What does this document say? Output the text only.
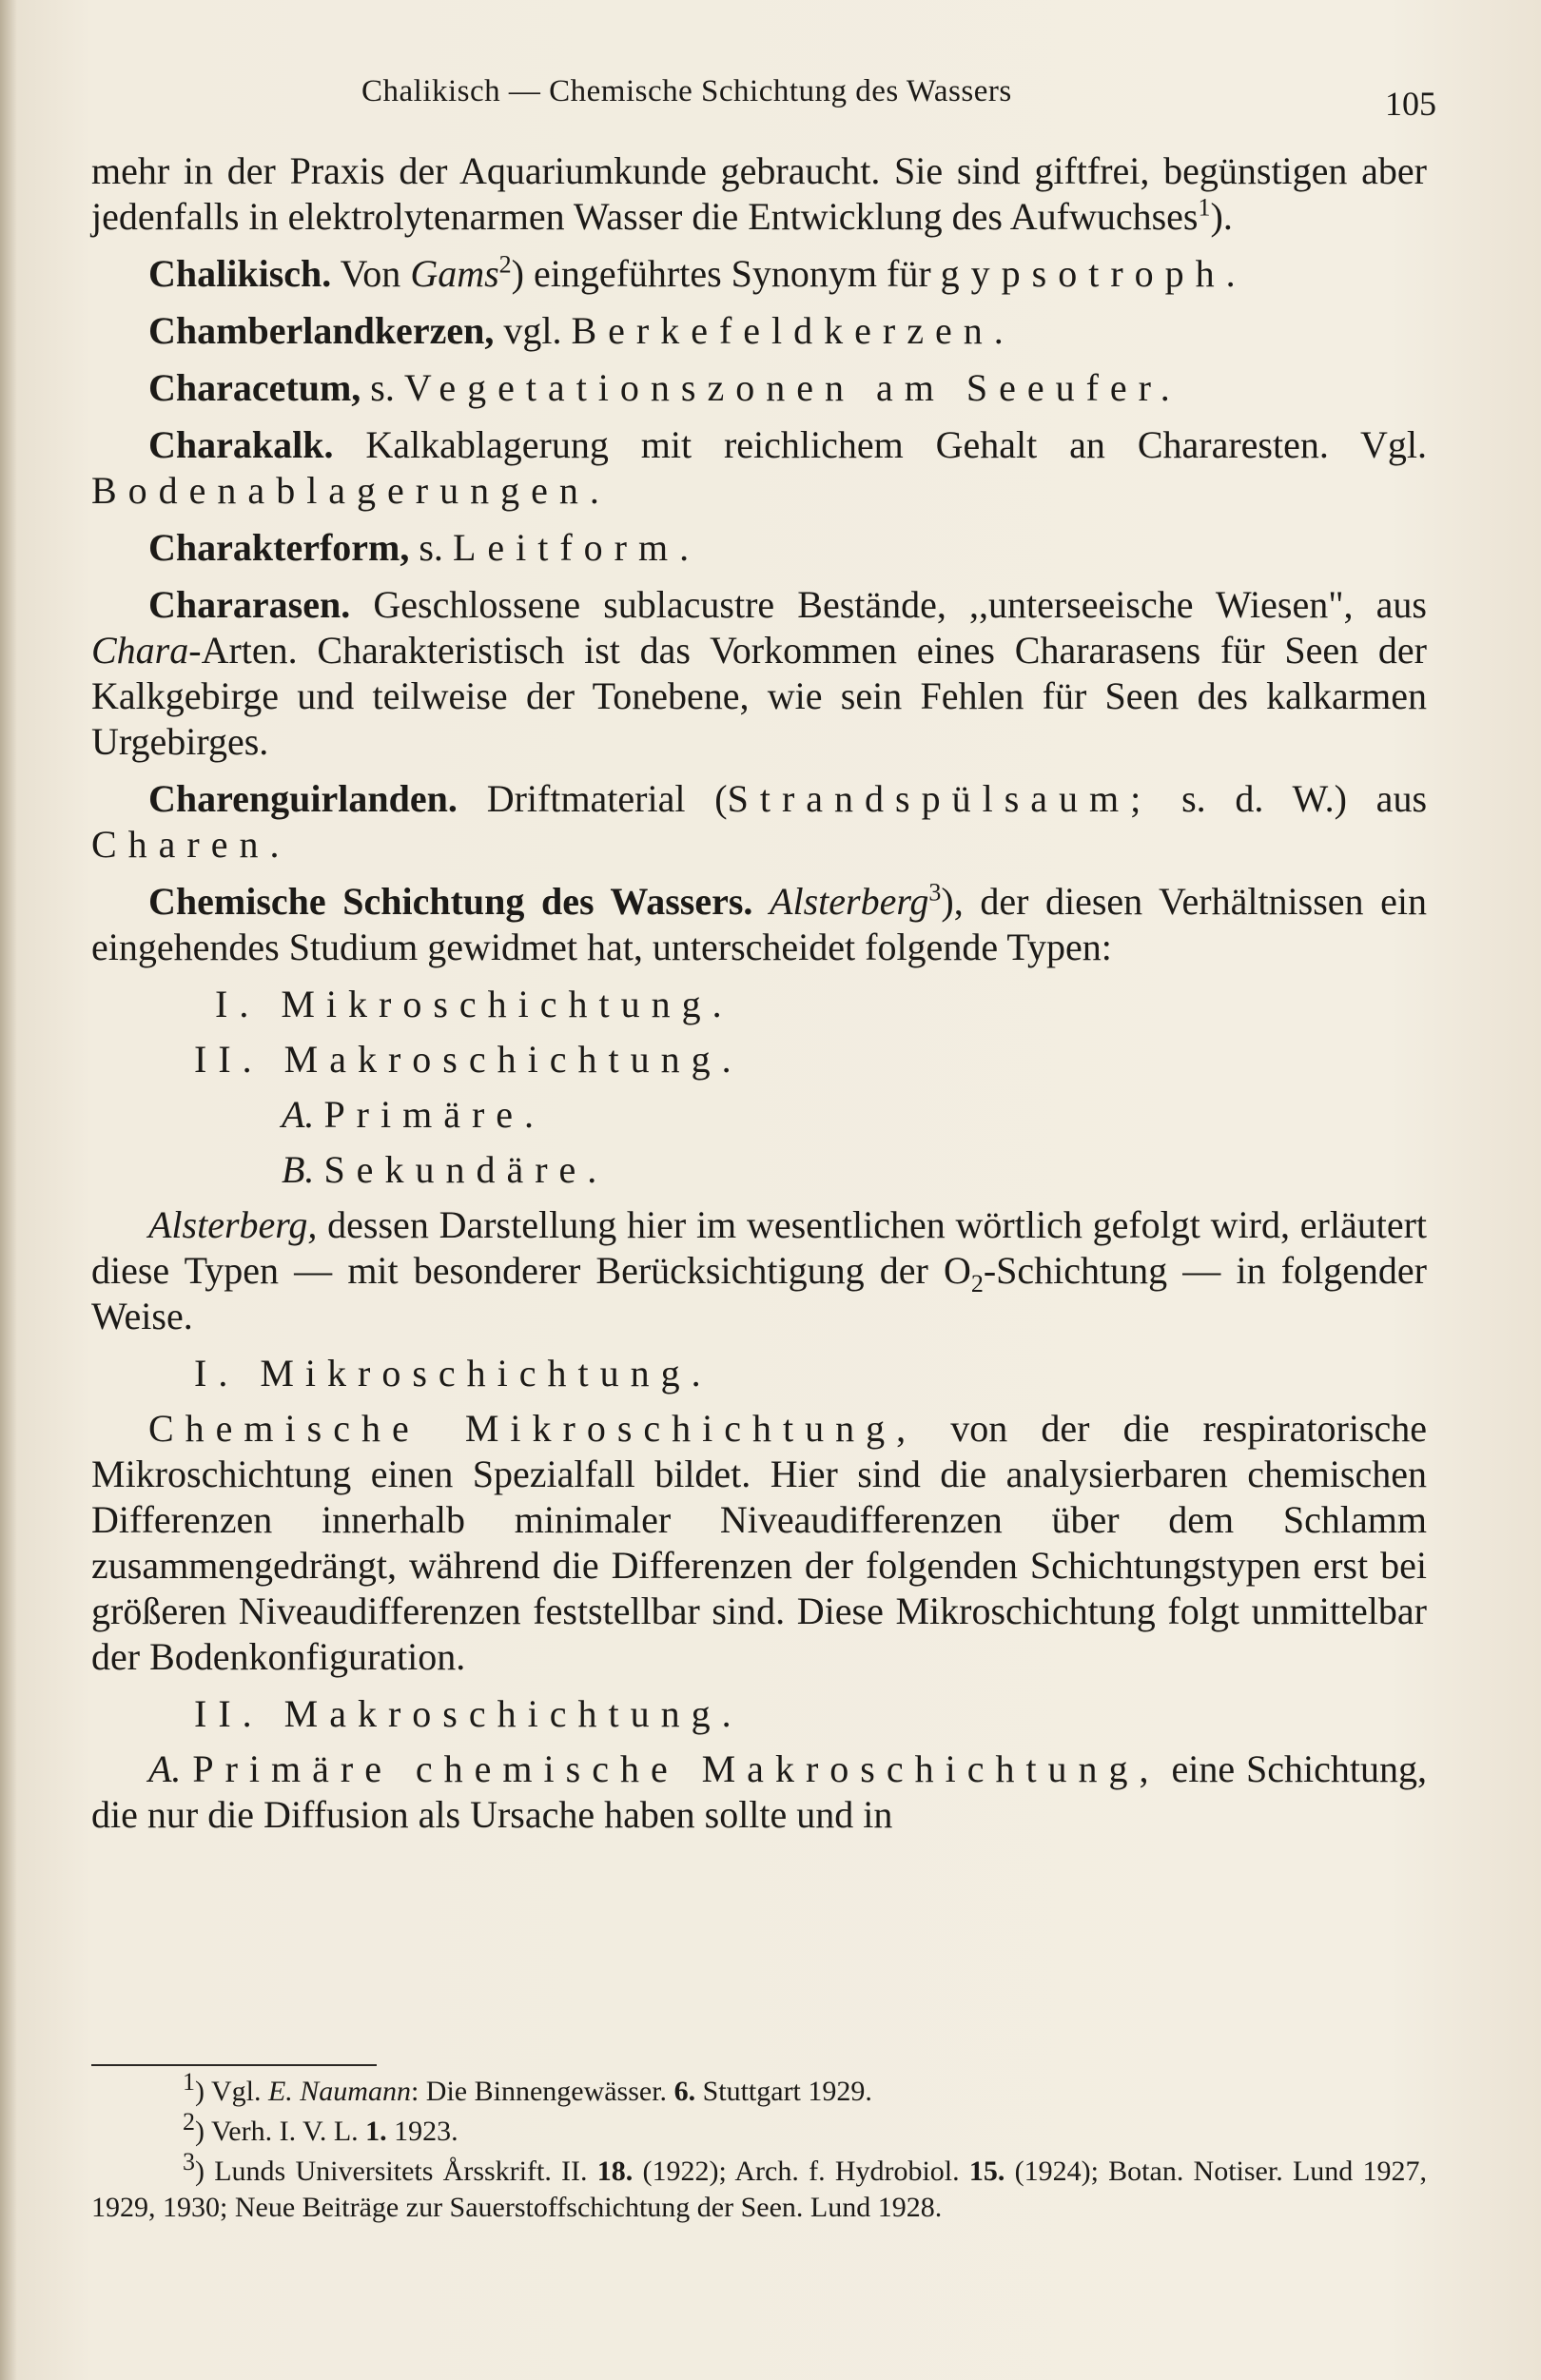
Chalikisch — Chemische Schichtung des Wassers	105

mehr in der Praxis der Aquariumkunde gebraucht. Sie sind giftfrei, begünstigen aber jedenfalls in elektrolytenarmen Wasser die Entwicklung des Aufwuchses$^1$).

Chalikisch. Von Gams$^2$) eingeführtes Synonym für gypsotroph.

Chamberlandkerzen, vgl. Berkefeldkerzen.

Characetum, s. Vegetationszonen am Seeufer.

Charakalk. Kalkablagerung mit reichlichem Gehalt an Chararesten. Vgl. Bodenablagerungen.

Charakterform, s. Leitform.

Chararasen. Geschlossene sublacustre Bestände, ,,unterseeische Wiesen", aus Chara-Arten. Charakteristisch ist das Vorkommen eines Chararasens für Seen der Kalkgebirge und teilweise der Tonebene, wie sein Fehlen für Seen des kalkarmen Urgebirges.

Charenguirlanden. Driftmaterial (Strandspülsaum; s. d. W.) aus Charen.

Chemische Schichtung des Wassers. Alsterberg$^3$), der diesen Verhältnissen ein eingehendes Studium gewidmet hat, unterscheidet folgende Typen:

I. Mikroschichtung.
II. Makroschichtung.
A. Primäre.
B. Sekundäre.

Alsterberg, dessen Darstellung hier im wesentlichen wörtlich gefolgt wird, erläutert diese Typen — mit besonderer Berücksichtigung der $O_2$-Schichtung — in folgender Weise.

I. Mikroschichtung.

Chemische Mikroschichtung, von der die respiratorische Mikroschichtung einen Spezialfall bildet. Hier sind die analysierbaren chemischen Differenzen innerhalb minimaler Niveaudifferenzen über dem Schlamm zusammengedrängt, während die Differenzen der folgenden Schichtungstypen erst bei größeren Niveaudifferenzen feststellbar sind. Diese Mikroschichtung folgt unmittelbar der Bodenkonfiguration.

II. Makroschichtung.

A. Primäre chemische Makroschichtung, eine Schichtung, die nur die Diffusion als Ursache haben sollte und in

1) Vgl. E. Naumann: Die Binnengewässer. 6. Stuttgart 1929.

2) Verh. I. V. L. 1. 1923.

3) Lunds Universitets Årsskrift. II. 18. (1922); Arch. f. Hydrobiol. 15. (1924); Botan. Notiser. Lund 1927, 1929, 1930; Neue Beiträge zur Sauerstoffschichtung der Seen. Lund 1928.
